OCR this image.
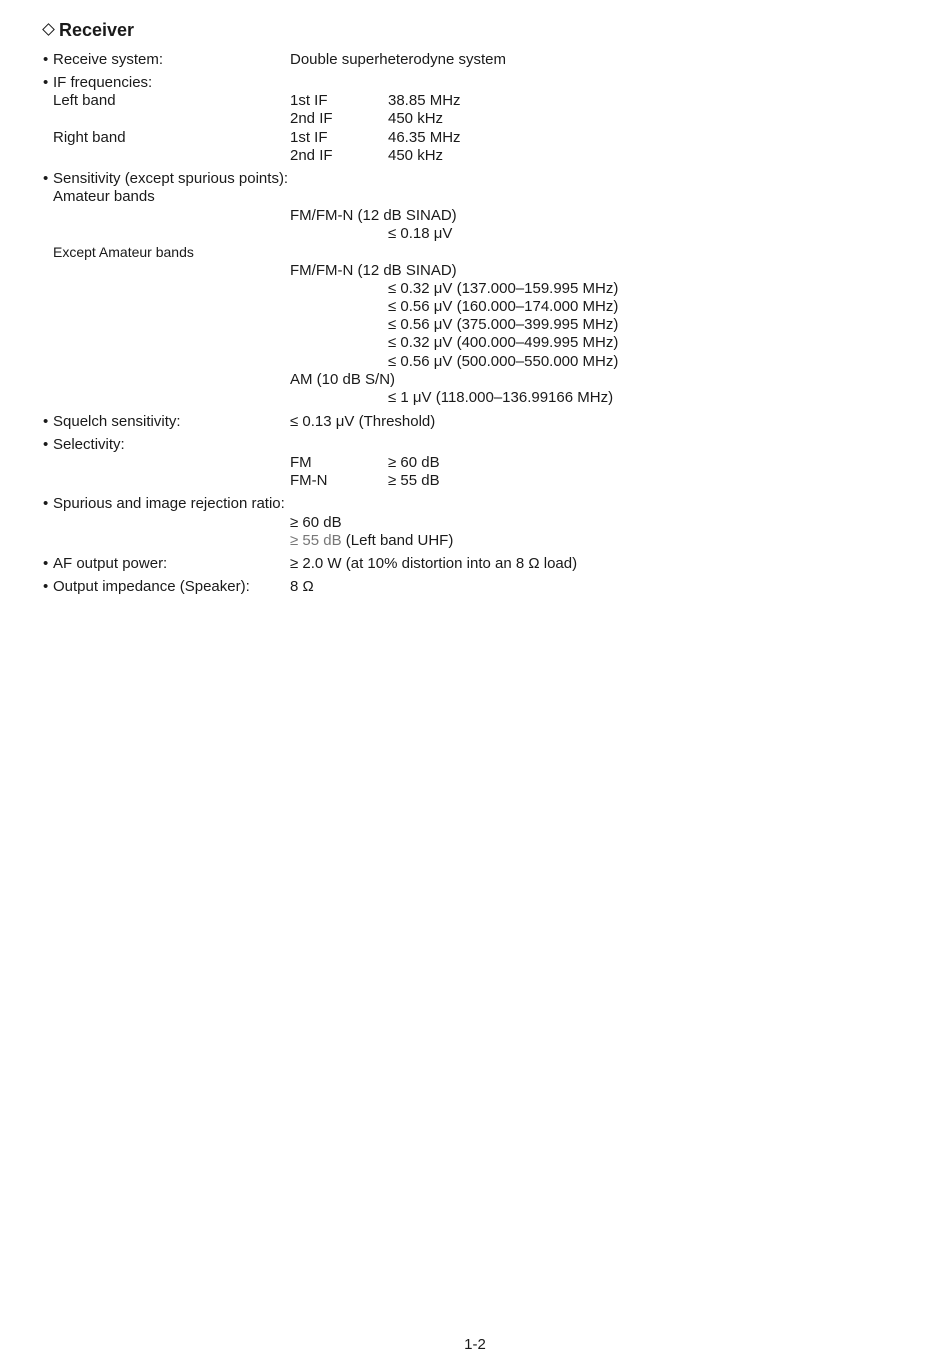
Receiver
• Receive system:	Double superheterodyne system
• IF frequencies:
Left band	1st IF	38.85 MHz
2nd IF	450 kHz
Right band	1st IF	46.35 MHz
2nd IF	450 kHz
• Sensitivity (except spurious points):
Amateur bands
FM/FM-N (12 dB SINAD)
≤ 0.18 μV
Except Amateur bands
FM/FM-N (12 dB SINAD)
≤ 0.32 μV (137.000–159.995 MHz)
≤ 0.56 μV (160.000–174.000 MHz)
≤ 0.56 μV (375.000–399.995 MHz)
≤ 0.32 μV (400.000–499.995 MHz)
≤ 0.56 μV (500.000–550.000 MHz)
AM (10 dB S/N)
≤ 1 μV (118.000–136.99166 MHz)
• Squelch sensitivity:	≤ 0.13 μV (Threshold)
• Selectivity:
FM	≥ 60 dB
FM-N	≥ 55 dB
• Spurious and image rejection ratio:
≥ 60 dB
≥ 55 dB (Left band UHF)
• AF output power:	≥ 2.0 W (at 10% distortion into an 8 Ω load)
• Output impedance (Speaker):	8 Ω
1-2
